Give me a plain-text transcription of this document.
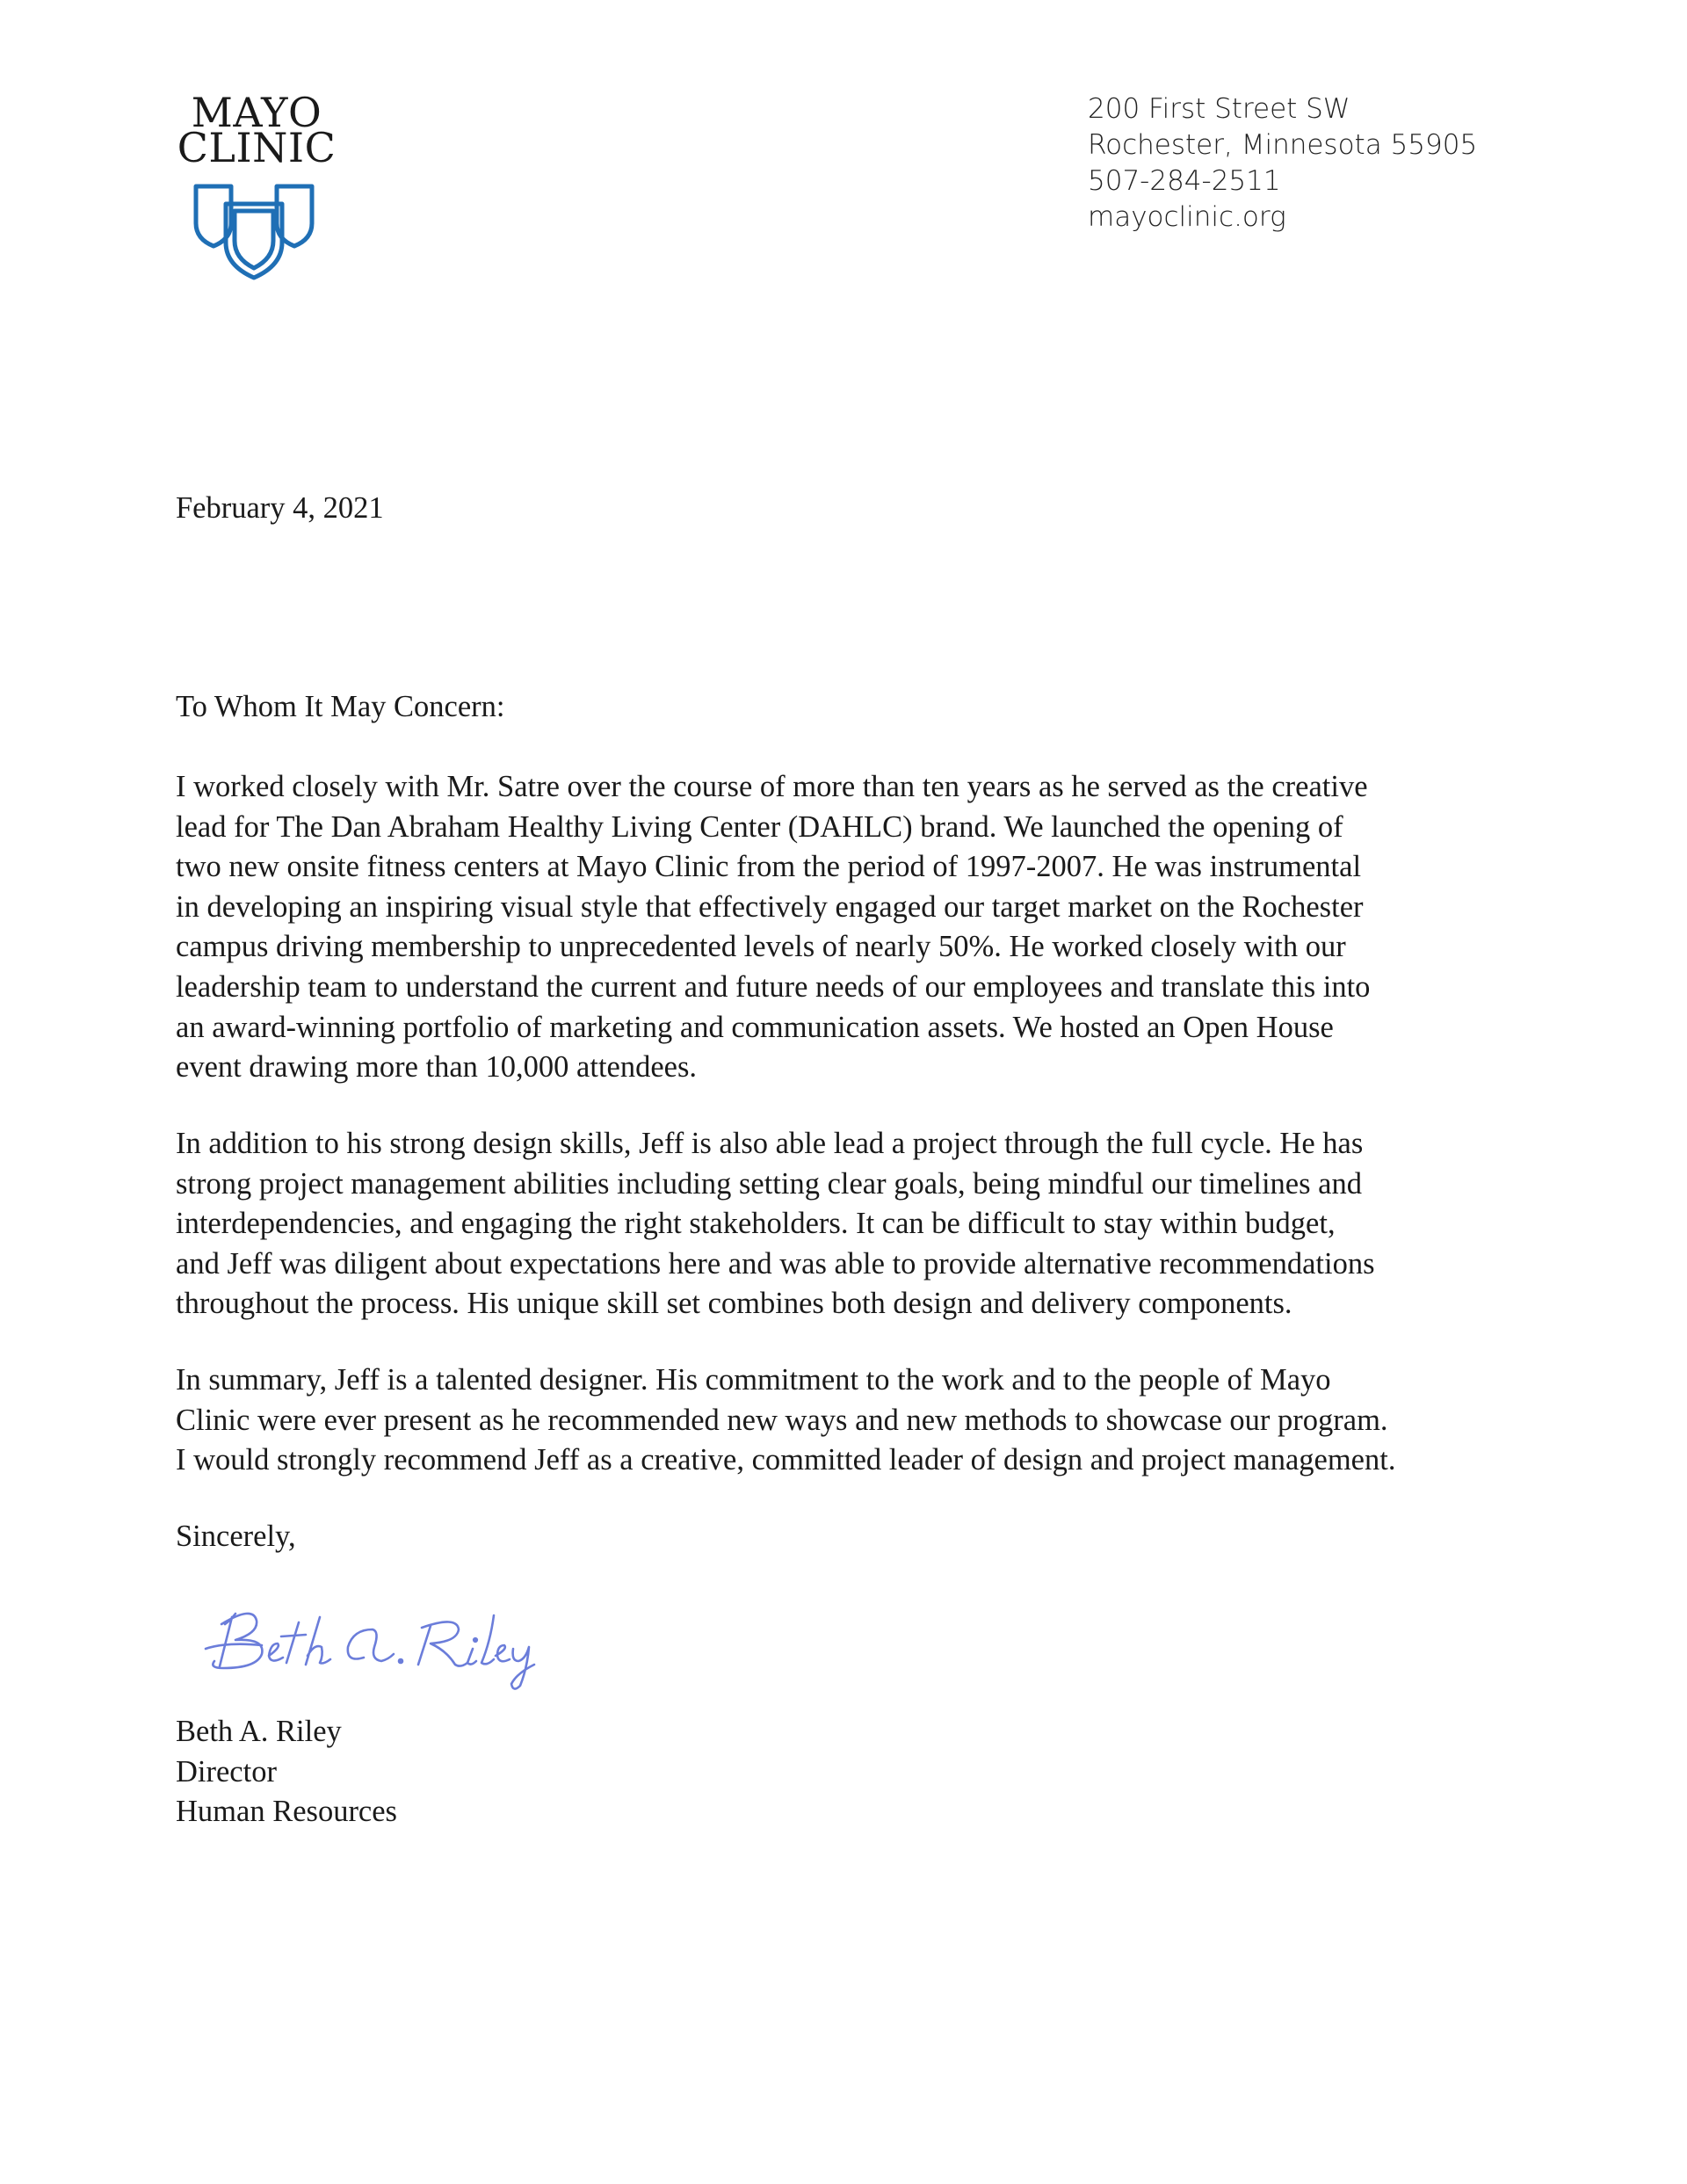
MAYO
CLINIC
200 First Street SW
Rochester, Minnesota 55905
507-284-2511
mayoclinic.org
February 4, 2021
To Whom It May Concern:
I worked closely with Mr. Satre over the course of more than ten years as he served as the creative
lead for The Dan Abraham Healthy Living Center (DAHLC) brand. We launched the opening of
two new onsite fitness centers at Mayo Clinic from the period of 1997-2007. He was instrumental
in developing an inspiring visual style that effectively engaged our target market on the Rochester
campus driving membership to unprecedented levels of nearly 50%. He worked closely with our
leadership team to understand the current and future needs of our employees and translate this into
an award-winning portfolio of marketing and communication assets. We hosted an Open House
event drawing more than 10,000 attendees.
In addition to his strong design skills, Jeff is also able lead a project through the full cycle. He has
strong project management abilities including setting clear goals, being mindful our timelines and
interdependencies, and engaging the right stakeholders. It can be difficult to stay within budget,
and Jeff was diligent about expectations here and was able to provide alternative recommendations
throughout the process. His unique skill set combines both design and delivery components.
In summary, Jeff is a talented designer. His commitment to the work and to the people of Mayo
Clinic were ever present as he recommended new ways and new methods to showcase our program.
I would strongly recommend Jeff as a creative, committed leader of design and project management.
Sincerely,
Beth A. Riley
Director
Human Resources
